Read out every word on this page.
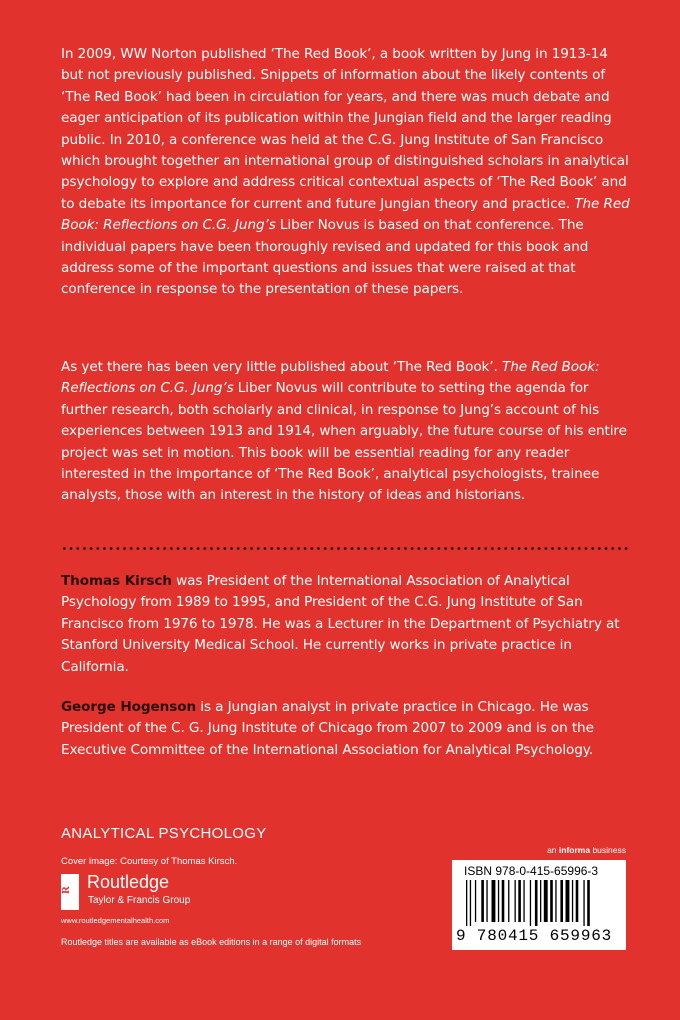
In 2009, WW Norton published ‘The Red Book’, a book written by Jung in 1913-14 but not previously published. Snippets of information about the likely contents of ‘The Red Book’ had been in circulation for years, and there was much debate and eager anticipation of its publication within the Jungian field and the larger reading public. In 2010, a conference was held at the C.G. Jung Institute of San Francisco which brought together an international group of distinguished scholars in analytical psychology to explore and address critical contextual aspects of ‘The Red Book’ and to debate its importance for current and future Jungian theory and practice. The Red Book: Reflections on C.G. Jung’s Liber Novus is based on that conference. The individual papers have been thoroughly revised and updated for this book and address some of the important questions and issues that were raised at that conference in response to the presentation of these papers.

As yet there has been very little published about ‘The Red Book’. The Red Book: Reflections on C.G. Jung’s Liber Novus will contribute to setting the agenda for further research, both scholarly and clinical, in response to Jung’s account of his experiences between 1913 and 1914, when arguably, the future course of his entire project was set in motion. This book will be essential reading for any reader interested in the importance of ‘The Red Book’, analytical psychologists, trainee analysts, those with an interest in the history of ideas and historians.

Thomas Kirsch was President of the International Association of Analytical Psychology from 1989 to 1995, and President of the C.G. Jung Institute of San Francisco from 1976 to 1978. He was a Lecturer in the Department of Psychiatry at Stanford University Medical School. He currently works in private practice in California.

George Hogenson is a Jungian analyst in private practice in Chicago. He was President of the C. G. Jung Institute of Chicago from 2007 to 2009 and is on the Executive Committee of the International Association for Analytical Psychology.

ANALYTICAL PSYCHOLOGY
Cover image: Courtesy of Thomas Kirsch.
R Routledge
Taylor & Francis Group
www.routledgementalhealth.com
Routledge titles are available as eBook editions in a range of digital formats
an informa business
ISBN 978-0-415-65996-3
9 780415 659963
